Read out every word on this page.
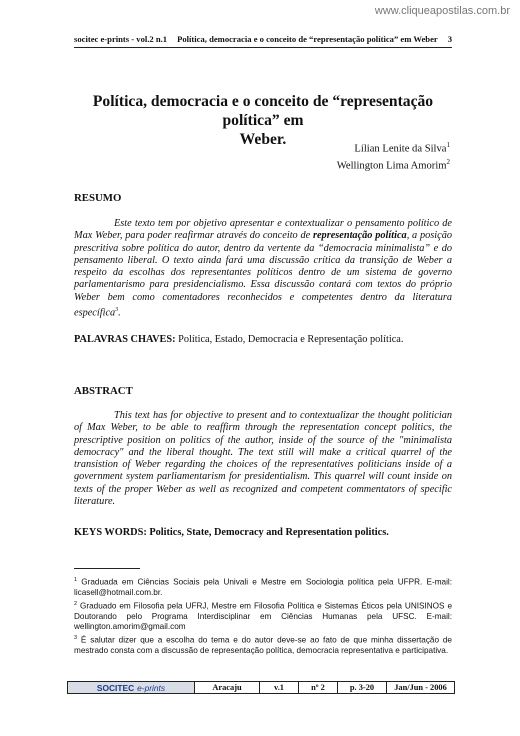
www.cliqueapostilas.com.br
socitec e-prints - vol.2 n.1 Política, democracia e o conceito de “representação política” em Weber 3
Política, democracia e o conceito de “representação política” em
Weber.
Lílian Lenite da Silva$^1$
Wellington Lima Amorim$^2$
RESUMO

Este texto tem por objetivo apresentar e contextualizar o pensamento político de Max Weber, para poder reafirmar através do conceito de representação política, a posição prescritiva sobre política do autor, dentro da vertente da “democracia minimalista” e do pensamento liberal. O texto ainda fará uma discussão crítica da transição de Weber a respeito da escolhas dos representantes políticos dentro de um sistema de governo parlamentarismo para presidencialismo. Essa discussão contará com textos do próprio Weber bem como comentadores reconhecidos e competentes dentro da literatura específica$^3$.

PALAVRAS CHAVES: Política, Estado, Democracia e Representação política.
ABSTRACT

This text has for objective to present and to contextualizar the thought politician of Max Weber, to be able to reaffirm through the representation concept politics, the prescriptive position on politics of the author, inside of the source of the "minimalista democracy" and the liberal thought. The text still will make a critical quarrel of the transistion of Weber regarding the choices of the representatives politicians inside of a government system parliamentarism for presidentialism. This quarrel will count inside on texts of the proper Weber as well as recognized and competent commentators of specific literature.

KEYS WORDS: Politics, State, Democracy and Representation politics.

$^1$ Graduada em Ciências Sociais pela Univali e Mestre em Sociologia política pela UFPR. E-mail: licasell@hotmail.com.br.

$^2$ Graduado em Filosofia pela UFRJ, Mestre em Filosofia Política e Sistemas Éticos pela UNISINOS e Doutorando pelo Programa Interdisciplinar em Ciências Humanas pela UFSC. E-mail: wellington.amorim@gmail.com

$^3$ É salutar dizer que a escolha do tema e do autor deve-se ao fato de que minha dissertação de mestrado consta com a discussão de representação política, democracia representativa e participativa.

SOCITEC e-prints	Aracaju	v.1	nº 2	p. 3-20	Jan/Jun - 2006
